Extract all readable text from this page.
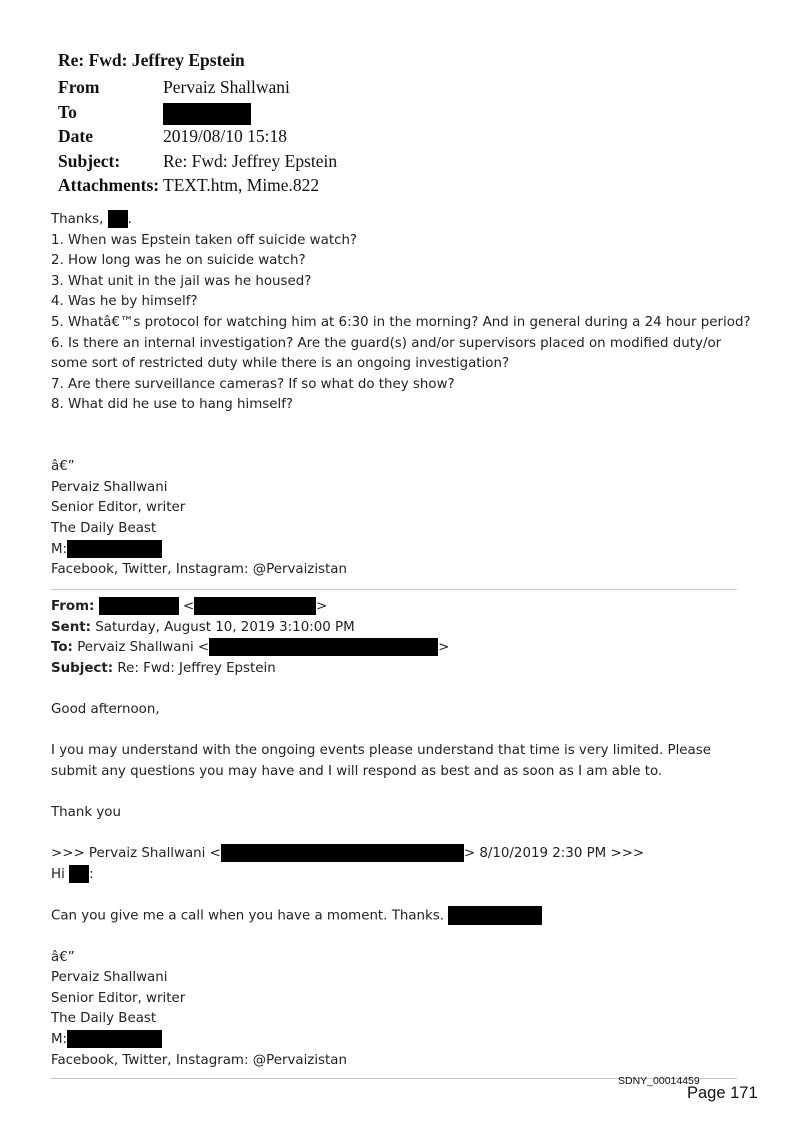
Re: Fwd: Jeffrey Epstein
From	Pervaiz Shallwani
To
Date	2019/08/10 15:18
Subject:	Re: Fwd: Jeffrey Epstein
Attachments: TEXT.htm, Mime.822
Thanks, .
1. When was Epstein taken off suicide watch?
2. How long was he on suicide watch?
3. What unit in the jail was he housed?
4. Was he by himself?
5. Whatâ€™s protocol for watching him at 6:30 in the morning? And in general during a 24 hour period?
6. Is there an internal investigation? Are the guard(s) and/or supervisors placed on modified duty/or some sort of restricted duty while there is an ongoing investigation?
7. Are there surveillance cameras? If so what do they show?
8. What did he use to hang himself?
â€”
Pervaiz Shallwani
Senior Editor, writer
The Daily Beast
M:
Facebook, Twitter, Instagram: @Pervaizistan
From:	<	>
Sent: Saturday, August 10, 2019 3:10:00 PM
To: Pervaiz Shallwani <	>
Subject: Re: Fwd: Jeffrey Epstein
Good afternoon,
I you may understand with the ongoing events please understand that time is very limited. Please submit any questions you may have and I will respond as best and as soon as I am able to.
Thank you
>>> Pervaiz Shallwani <	> 8/10/2019 2:30 PM >>>
Hi :
Can you give me a call when you have a moment. Thanks.
â€”
Pervaiz Shallwani
Senior Editor, writer
The Daily Beast
M:
Facebook, Twitter, Instagram: @Pervaizistan
SDNY_00014459
Page 171
